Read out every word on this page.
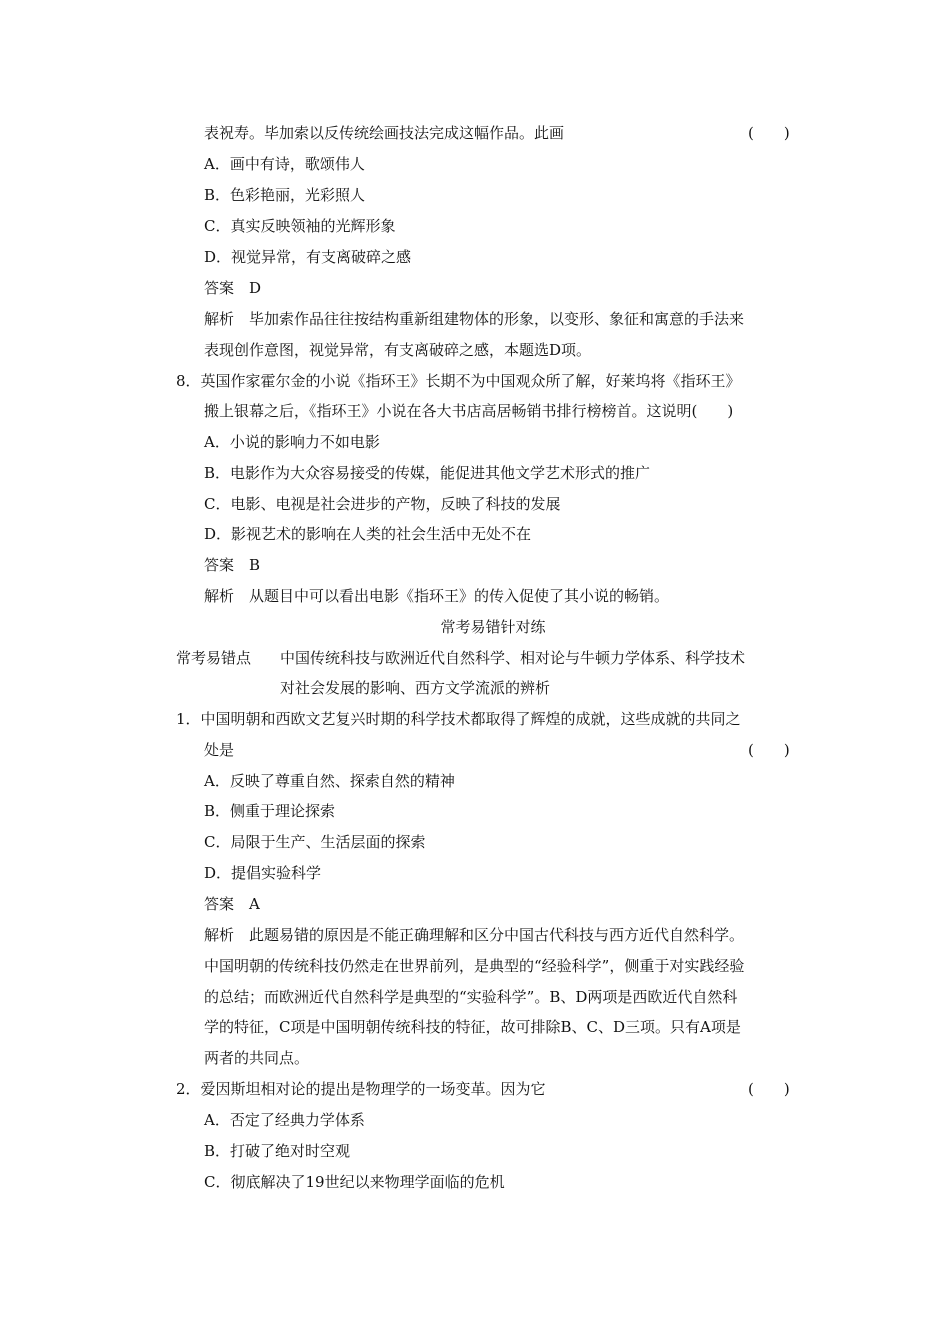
表祝寿。毕加索以反传统绘画技法完成这幅作品。此画	(　　)
A．画中有诗，歌颂伟人
B．色彩艳丽，光彩照人
C．真实反映领袖的光辉形象
D．视觉异常，有支离破碎之感
答案　D
解析　毕加索作品往往按结构重新组建物体的形象，以变形、象征和寓意的手法来
表现创作意图，视觉异常，有支离破碎之感，本题选D项。
8．英国作家霍尔金的小说《指环王》长期不为中国观众所了解，好莱坞将《指环王》
搬上银幕之后，《指环王》小说在各大书店高居畅销书排行榜榜首。这说明(　　)
A．小说的影响力不如电影
B．电影作为大众容易接受的传媒，能促进其他文学艺术形式的推广
C．电影、电视是社会进步的产物，反映了科技的发展
D．影视艺术的影响在人类的社会生活中无处不在
答案　B
解析　从题目中可以看出电影《指环王》的传入促使了其小说的畅销。
常考易错针对练
常考易错点 中国传统科技与欧洲近代自然科学、相对论与牛顿力学体系、科学技术
对社会发展的影响、西方文学流派的辨析
1．中国明朝和西欧文艺复兴时期的科学技术都取得了辉煌的成就，这些成就的共同之
处是	(　　)
A．反映了尊重自然、探索自然的精神
B．侧重于理论探索
C．局限于生产、生活层面的探索
D．提倡实验科学
答案　A
解析　此题易错的原因是不能正确理解和区分中国古代科技与西方近代自然科学。
中国明朝的传统科技仍然走在世界前列，是典型的“经验科学”，侧重于对实践经验
的总结；而欧洲近代自然科学是典型的“实验科学”。B、D两项是西欧近代自然科
学的特征，C项是中国明朝传统科技的特征，故可排除B、C、D三项。只有A项是
两者的共同点。
2．爱因斯坦相对论的提出是物理学的一场变革。因为它	(　　)
A．否定了经典力学体系
B．打破了绝对时空观
C．彻底解决了19世纪以来物理学面临的危机
